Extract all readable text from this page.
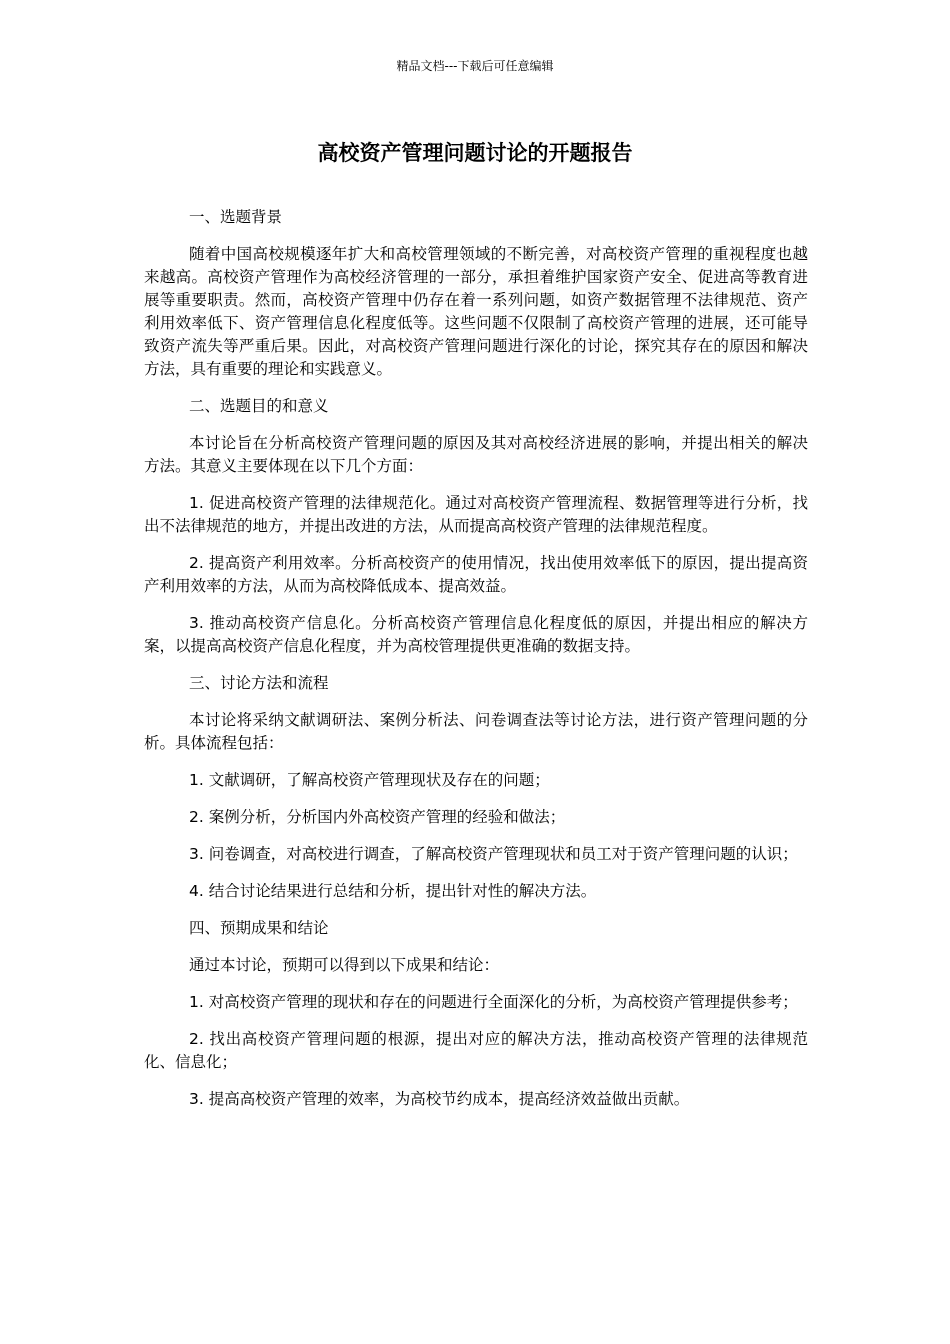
精品文档---下载后可任意编辑
高校资产管理问题讨论的开题报告

一、选题背景

随着中国高校规模逐年扩大和高校管理领域的不断完善，对高校资产管理的重视程度也越来越高。高校资产管理作为高校经济管理的一部分，承担着维护国家资产安全、促进高等教育进展等重要职责。然而，高校资产管理中仍存在着一系列问题，如资产数据管理不法律规范、资产利用效率低下、资产管理信息化程度低等。这些问题不仅限制了高校资产管理的进展，还可能导致资产流失等严重后果。因此，对高校资产管理问题进行深化的讨论，探究其存在的原因和解决方法，具有重要的理论和实践意义。

二、选题目的和意义

本讨论旨在分析高校资产管理问题的原因及其对高校经济进展的影响，并提出相关的解决方法。其意义主要体现在以下几个方面：

1. 促进高校资产管理的法律规范化。通过对高校资产管理流程、数据管理等进行分析，找出不法律规范的地方，并提出改进的方法，从而提高高校资产管理的法律规范程度。

2. 提高资产利用效率。分析高校资产的使用情况，找出使用效率低下的原因，提出提高资产利用效率的方法，从而为高校降低成本、提高效益。

3. 推动高校资产信息化。分析高校资产管理信息化程度低的原因，并提出相应的解决方案，以提高高校资产信息化程度，并为高校管理提供更准确的数据支持。

三、讨论方法和流程

本讨论将采纳文献调研法、案例分析法、问卷调查法等讨论方法，进行资产管理问题的分析。具体流程包括：

1. 文献调研，了解高校资产管理现状及存在的问题；

2. 案例分析，分析国内外高校资产管理的经验和做法；

3. 问卷调查，对高校进行调查，了解高校资产管理现状和员工对于资产管理问题的认识；

4. 结合讨论结果进行总结和分析，提出针对性的解决方法。

四、预期成果和结论

通过本讨论，预期可以得到以下成果和结论：

1. 对高校资产管理的现状和存在的问题进行全面深化的分析，为高校资产管理提供参考；

2. 找出高校资产管理问题的根源，提出对应的解决方法，推动高校资产管理的法律规范化、信息化；

3. 提高高校资产管理的效率，为高校节约成本，提高经济效益做出贡献。
